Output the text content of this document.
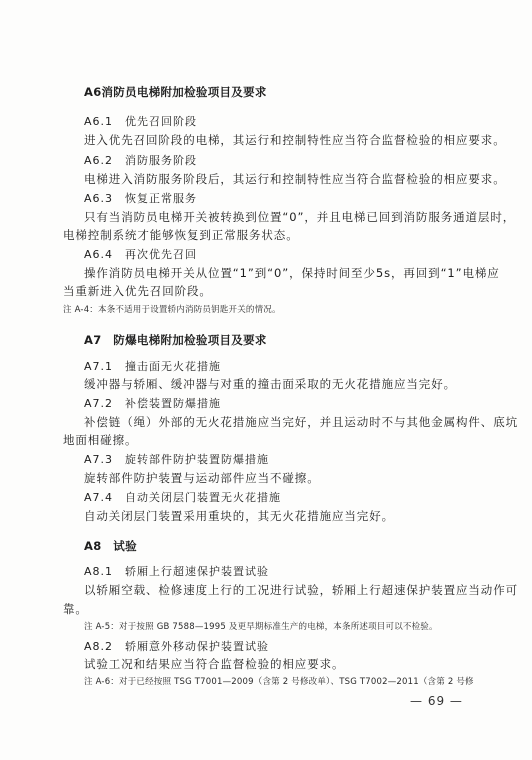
A6消防员电梯附加检验项目及要求
A6.1　优先召回阶段
进入优先召回阶段的电梯，其运行和控制特性应当符合监督检验的相应要求。
A6.2　消防服务阶段
电梯进入消防服务阶段后，其运行和控制特性应当符合监督检验的相应要求。
A6.3　恢复正常服务
只有当消防员电梯开关被转换到位置“0”，并且电梯已回到消防服务通道层时，
电梯控制系统才能够恢复到正常服务状态。
A6.4　再次优先召回
操作消防员电梯开关从位置“1”到“0”，保持时间至少5s，再回到“1”电梯应
当重新进入优先召回阶段。
注 A-4：本条不适用于设置轿内消防员钥匙开关的情况。
A7　防爆电梯附加检验项目及要求
A7.1　撞击面无火花措施
缓冲器与轿厢、缓冲器与对重的撞击面采取的无火花措施应当完好。
A7.2　补偿装置防爆措施
补偿链（绳）外部的无火花措施应当完好，并且运动时不与其他金属构件、底坑
地面相碰擦。
A7.3　旋转部件防护装置防爆措施
旋转部件防护装置与运动部件应当不碰擦。
A7.4　自动关闭层门装置无火花措施
自动关闭层门装置采用重块的，其无火花措施应当完好。
A8　试验
A8.1　轿厢上行超速保护装置试验
以轿厢空载、检修速度上行的工况进行试验，轿厢上行超速保护装置应当动作可
靠。
注 A-5：对于按照 GB 7588—1995 及更早期标准生产的电梯，本条所述项目可以不检验。
A8.2　轿厢意外移动保护装置试验
试验工况和结果应当符合监督检验的相应要求。
注 A-6：对于已经按照 TSG T7001—2009（含第 2 号修改单）、TSG T7002—2011（含第 2 号修
— 69 —
